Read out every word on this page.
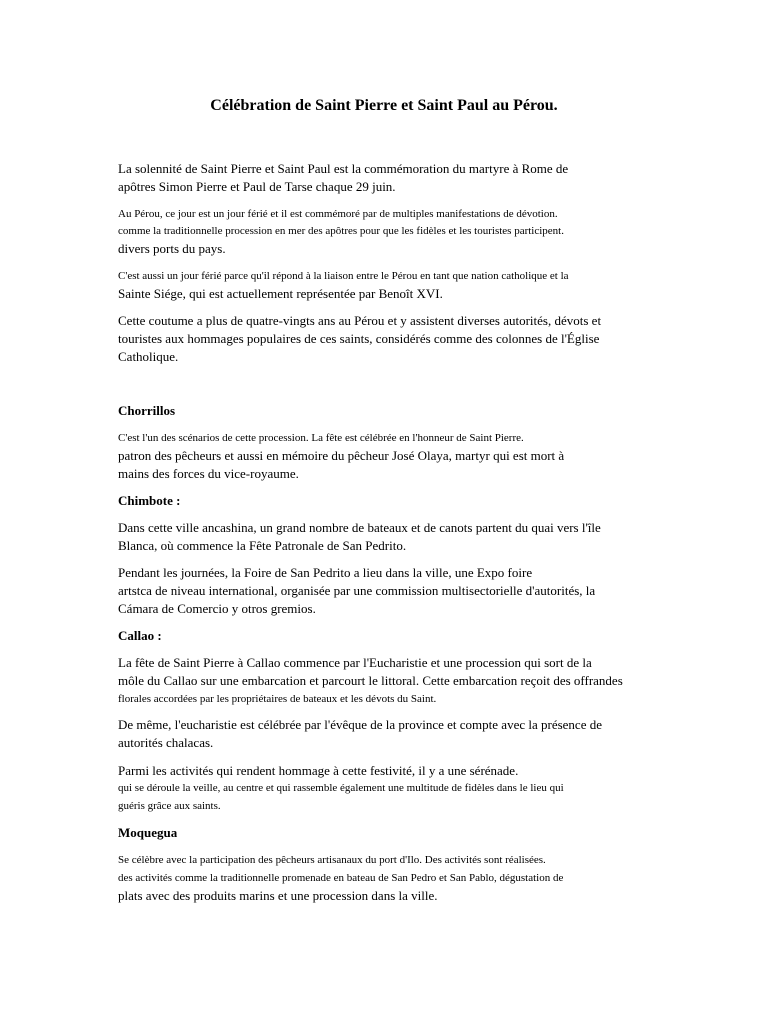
Célébration de Saint Pierre et Saint Paul au Pérou.
La solennité de Saint Pierre et Saint Paul est la commémoration du martyre à Rome de
apôtres Simon Pierre et Paul de Tarse chaque 29 juin.
Au Pérou, ce jour est un jour férié et il est commémoré par de multiples manifestations de dévotion.
comme la traditionnelle procession en mer des apôtres pour que les fidèles et les touristes participent.
divers ports du pays.
C'est aussi un jour férié parce qu'il répond à la liaison entre le Pérou en tant que nation catholique et la
Sainte Siége, qui est actuellement représentée par Benoît XVI.
Cette coutume a plus de quatre-vingts ans au Pérou et y assistent diverses autorités, dévots et
touristes aux hommages populaires de ces saints, considérés comme des colonnes de l'Église
Catholique.
Chorrillos
C'est l'un des scénarios de cette procession. La fête est célébrée en l'honneur de Saint Pierre.
patron des pêcheurs et aussi en mémoire du pêcheur José Olaya, martyr qui est mort à
mains des forces du vice-royaume.
Chimbote :
Dans cette ville ancashina, un grand nombre de bateaux et de canots partent du quai vers l'île
Blanca, où commence la Fête Patronale de San Pedrito.
Pendant les journées, la Foire de San Pedrito a lieu dans la ville, une Expo foire
artstca de niveau international, organisée par une commission multisectorielle d'autorités, la
Cámara de Comercio y otros gremios.
Callao :
La fête de Saint Pierre à Callao commence par l'Eucharistie et une procession qui sort de la
môle du Callao sur une embarcation et parcourt le littoral. Cette embarcation reçoit des offrandes
florales accordées par les propriétaires de bateaux et les dévots du Saint.
De même, l'eucharistie est célébrée par l'évêque de la province et compte avec la présence de
autorités chalacas.
Parmi les activités qui rendent hommage à cette festivité, il y a une sérénade.
qui se déroule la veille, au centre et qui rassemble également une multitude de fidèles dans le lieu qui
guéris grâce aux saints.
Moquegua
Se célèbre avec la participation des pêcheurs artisanaux du port d'Ilo. Des activités sont réalisées.
des activités comme la traditionnelle promenade en bateau de San Pedro et San Pablo, dégustation de
plats avec des produits marins et une procession dans la ville.
